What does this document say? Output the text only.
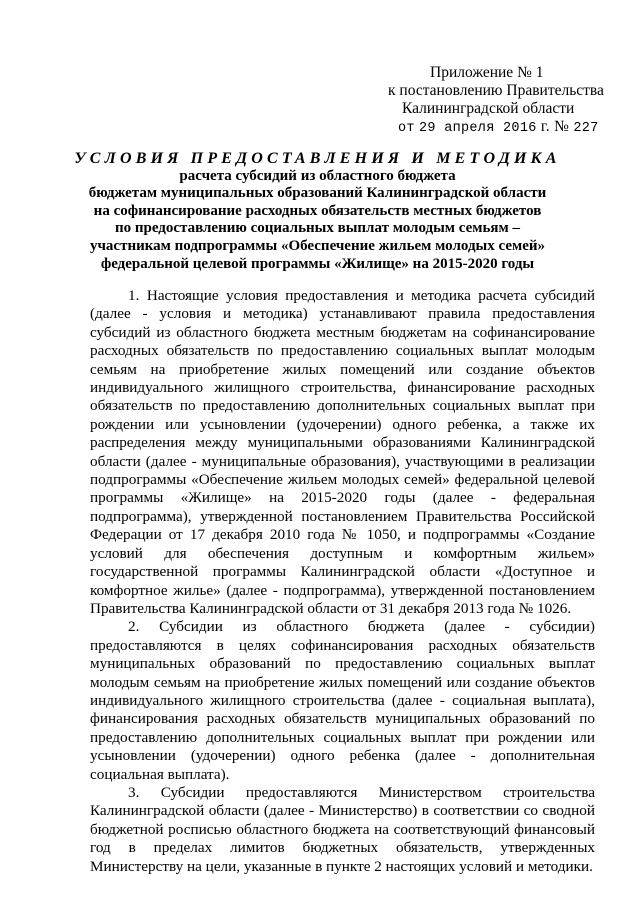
Приложение № 1
к постановлению Правительства
Калининградской области
от 29 апреля 2016 г. № 227
УСЛОВИЯ ПРЕДОСТАВЛЕНИЯ И МЕТОДИКА
расчета субсидий из областного бюджета
бюджетам муниципальных образований Калининградской области
на софинансирование расходных обязательств местных бюджетов
по предоставлению социальных выплат молодым семьям –
участникам подпрограммы «Обеспечение жильем молодых семей»
федеральной целевой программы «Жилище» на 2015-2020 годы

1. Настоящие условия предоставления и методика расчета субсидий (далее - условия и методика) устанавливают правила предоставления субсидий из областного бюджета местным бюджетам на софинансирование расходных обязательств по предоставлению социальных выплат молодым семьям на приобретение жилых помещений или создание объектов индивидуального жилищного строительства, финансирование расходных обязательств по предоставлению дополнительных социальных выплат при рождении или усыновлении (удочерении) одного ребенка, а также их распределения между муниципальными образованиями Калининградской области (далее - муниципальные образования), участвующими в реализации подпрограммы «Обеспечение жильем молодых семей» федеральной целевой программы «Жилище» на 2015-2020 годы (далее - федеральная подпрограмма), утвержденной постановлением Правительства Российской Федерации от 17 декабря 2010 года № 1050, и подпрограммы «Создание условий для обеспечения доступным и комфортным жильем» государственной программы Калининградской области «Доступное и комфортное жилье» (далее - подпрограмма), утвержденной постановлением Правительства Калининградской области от 31 декабря 2013 года № 1026.

2. Субсидии из областного бюджета (далее - субсидии) предоставляются в целях софинансирования расходных обязательств муниципальных образований по предоставлению социальных выплат молодым семьям на приобретение жилых помещений или создание объектов индивидуального жилищного строительства (далее - социальная выплата), финансирования расходных обязательств муниципальных образований по предоставлению дополнительных социальных выплат при рождении или усыновлении (удочерении) одного ребенка (далее - дополнительная социальная выплата).

3. Субсидии предоставляются Министерством строительства Калининградской области (далее - Министерство) в соответствии со сводной бюджетной росписью областного бюджета на соответствующий финансовый год в пределах лимитов бюджетных обязательств, утвержденных Министерству на цели, указанные в пункте 2 настоящих условий и методики.
